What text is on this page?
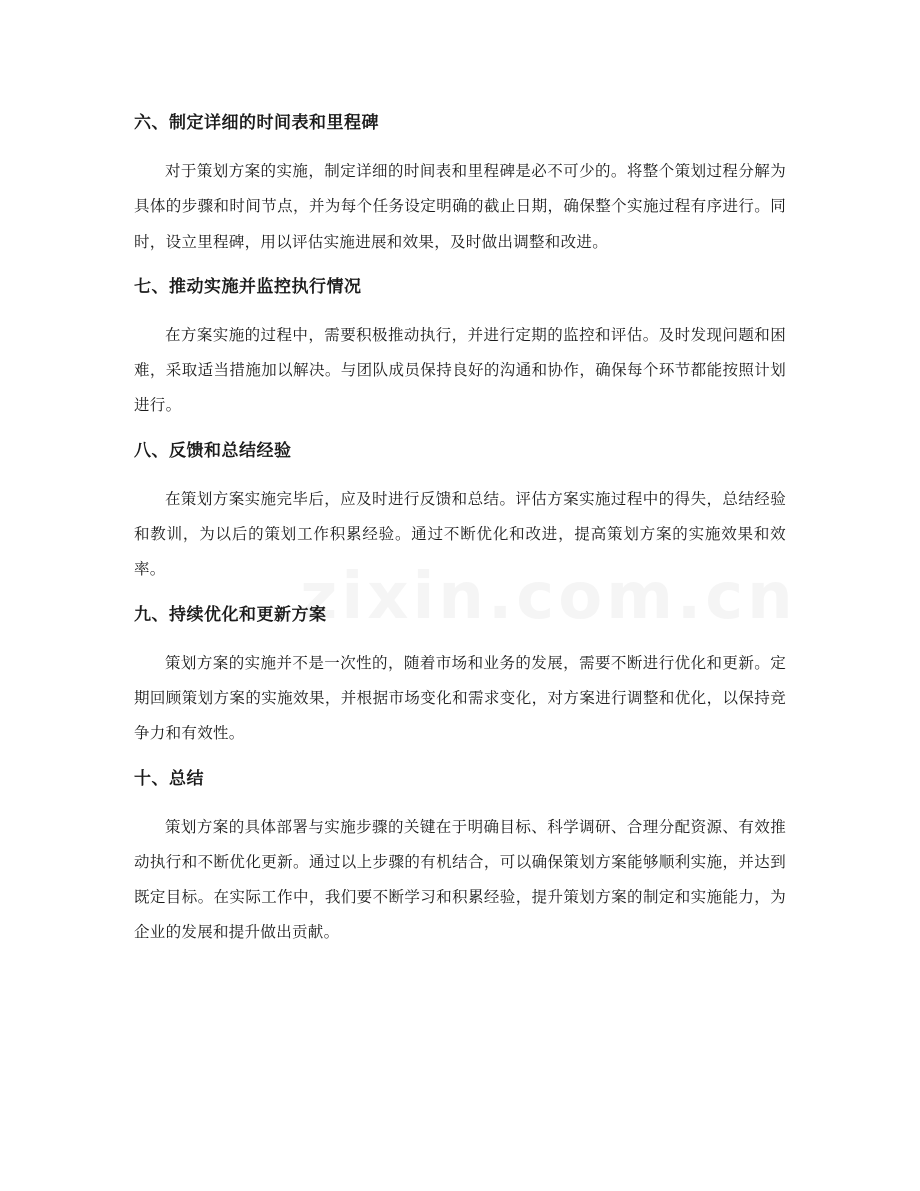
zixin.com.cn
六、制定详细的时间表和里程碑

对于策划方案的实施，制定详细的时间表和里程碑是必不可少的。将整个策划过程分解为具体的步骤和时间节点，并为每个任务设定明确的截止日期，确保整个实施过程有序进行。同时，设立里程碑，用以评估实施进展和效果，及时做出调整和改进。

七、推动实施并监控执行情况

在方案实施的过程中，需要积极推动执行，并进行定期的监控和评估。及时发现问题和困难，采取适当措施加以解决。与团队成员保持良好的沟通和协作，确保每个环节都能按照计划进行。

八、反馈和总结经验

在策划方案实施完毕后，应及时进行反馈和总结。评估方案实施过程中的得失，总结经验和教训，为以后的策划工作积累经验。通过不断优化和改进，提高策划方案的实施效果和效率。

九、持续优化和更新方案

策划方案的实施并不是一次性的，随着市场和业务的发展，需要不断进行优化和更新。定期回顾策划方案的实施效果，并根据市场变化和需求变化，对方案进行调整和优化，以保持竞争力和有效性。

十、总结

策划方案的具体部署与实施步骤的关键在于明确目标、科学调研、合理分配资源、有效推动执行和不断优化更新。通过以上步骤的有机结合，可以确保策划方案能够顺利实施，并达到既定目标。在实际工作中，我们要不断学习和积累经验，提升策划方案的制定和实施能力，为企业的发展和提升做出贡献。
